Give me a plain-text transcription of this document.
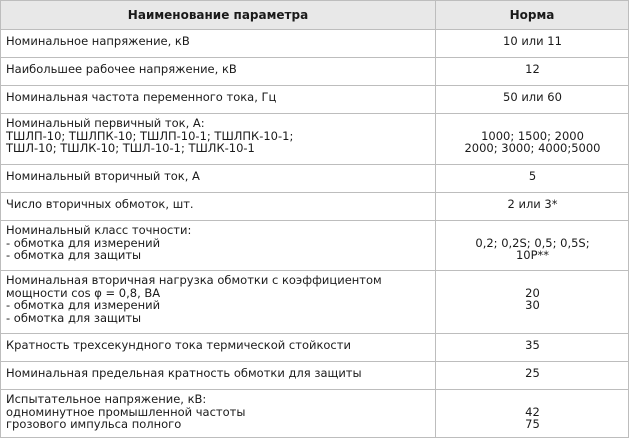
Наименование параметра	Норма

Номинальное напряжение, кВ	10 или 11

Наибольшее рабочее напряжение, кВ	12

Номинальная частота переменного тока, Гц	50 или 60

Номинальный первичный ток, А:
ТШЛП-10; ТШЛПК-10; ТШЛП-10-1; ТШЛПК-10-1;
ТШЛ-10; ТШЛК-10; ТШЛ-10-1; ТШЛК-10-1	1000; 1500; 2000
2000; 3000; 4000;5000

Номинальный вторичный ток, А	5

Число вторичных обмоток, шт.	2 или 3*

Номинальный класс точности:
- обмотка для измерений
- обмотка для защиты	0,2; 0,2S; 0,5; 0,5S;
10P**

Номинальная вторичная нагрузка обмотки с коэффициентом
мощности cos φ = 0,8, ВА
- обмотка для измерений
- обмотка для защиты	20
30

Кратность трехсекундного тока термической стойкости	35

Номинальная предельная кратность обмотки для защиты	25

Испытательное напряжение, кВ:
одноминутное промышленной частоты
грозового импульса полного	42
75
